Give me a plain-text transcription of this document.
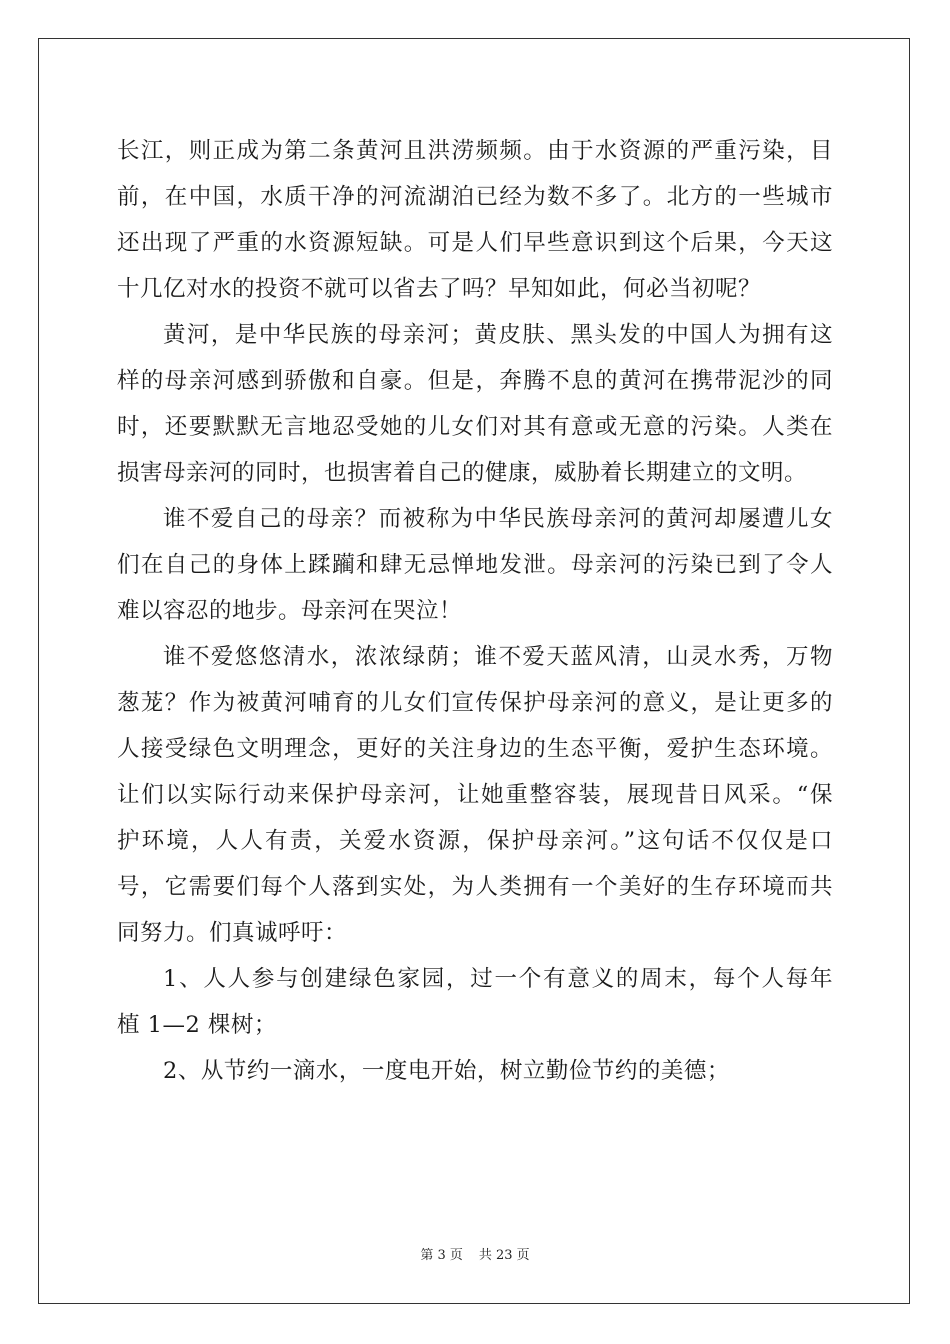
长江，则正成为第二条黄河且洪涝频频。由于水资源的严重污染，目
前，在中国，水质干净的河流湖泊已经为数不多了。北方的一些城市
还出现了严重的水资源短缺。可是人们早些意识到这个后果，今天这
十几亿对水的投资不就可以省去了吗？早知如此，何必当初呢？
黄河，是中华民族的母亲河；黄皮肤、黑头发的中国人为拥有这
样的母亲河感到骄傲和自豪。但是，奔腾不息的黄河在携带泥沙的同
时，还要默默无言地忍受她的儿女们对其有意或无意的污染。人类在
损害母亲河的同时，也损害着自己的健康，威胁着长期建立的文明。
谁不爱自己的母亲？而被称为中华民族母亲河的黄河却屡遭儿女
们在自己的身体上蹂躏和肆无忌惮地发泄。母亲河的污染已到了令人
难以容忍的地步。母亲河在哭泣！
谁不爱悠悠清水，浓浓绿荫；谁不爱天蓝风清，山灵水秀，万物
葱茏？作为被黄河哺育的儿女们宣传保护母亲河的意义，是让更多的
人接受绿色文明理念，更好的关注身边的生态平衡，爱护生态环境。
让们以实际行动来保护母亲河，让她重整容装，展现昔日风采。“保
护环境，人人有责，关爱水资源，保护母亲河。”这句话不仅仅是口
号，它需要们每个人落到实处，为人类拥有一个美好的生存环境而共
同努力。们真诚呼吁：
1、人人参与创建绿色家园，过一个有意义的周末，每个人每年
植 1—2 棵树；
2、从节约一滴水，一度电开始，树立勤俭节约的美德；
第 3 页 共 23 页
